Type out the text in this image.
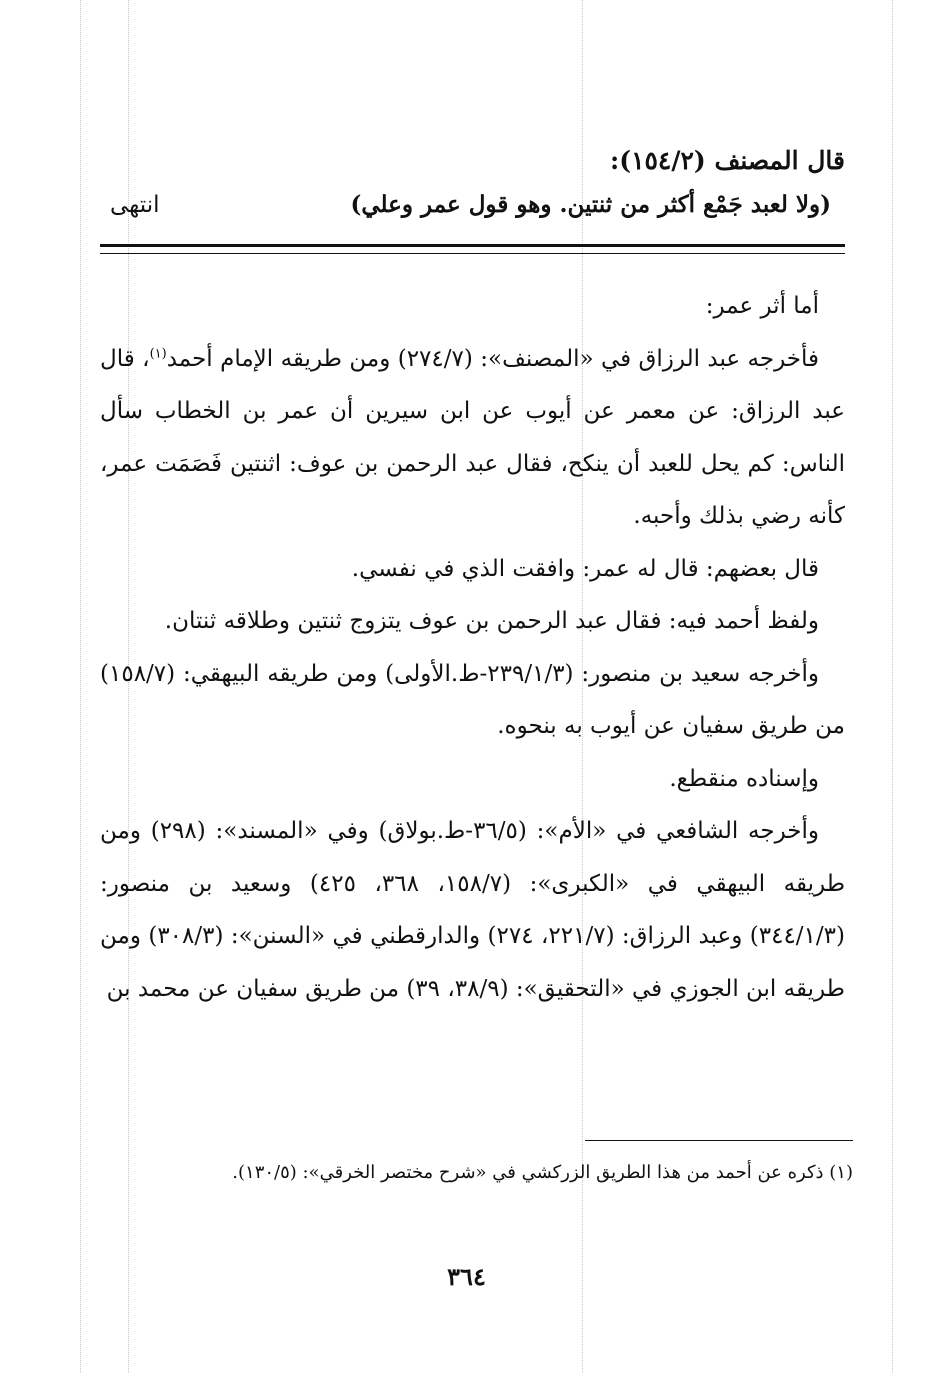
قال المصنف (١٥٤/٢):
(ولا لعبد جَمْع أكثر من ثنتين. وهو قول عمر وعلي)
انتهى

أما أثر عمر:

فأخرجه عبد الرزاق في «المصنف»: (٢٧٤/٧) ومن طريقه الإمام أحمد$^{(١)}$، قال عبد الرزاق: عن معمر عن أيوب عن ابن سيرين أن عمر بن الخطاب سأل الناس: كم يحل للعبد أن ينكح، فقال عبد الرحمن بن عوف: اثنتين فَصَمَت عمر، كأنه رضي بذلك وأحبه.

قال بعضهم: قال له عمر: وافقت الذي في نفسي.

ولفظ أحمد فيه: فقال عبد الرحمن بن عوف يتزوج ثنتين وطلاقه ثنتان.

وأخرجه سعيد بن منصور: (٢٣٩/١/٣-ط.الأولى) ومن طريقه البيهقي: (١٥٨/٧) من طريق سفيان عن أيوب به بنحوه.

وإسناده منقطع.

وأخرجه الشافعي في «الأم»: (٣٦/٥-ط.بولاق) وفي «المسند»: (٢٩٨) ومن طريقه البيهقي في «الكبرى»: (١٥٨/٧، ٣٦٨، ٤٢٥) وسعيد بن منصور: (٣٤٤/١/٣) وعبد الرزاق: (٢٢١/٧، ٢٧٤) والدارقطني في «السنن»: (٣٠٨/٣) ومن طريقه ابن الجوزي في «التحقيق»: (٣٨/٩، ٣٩) من طريق سفيان عن محمد بن

(١) ذكره عن أحمد من هذا الطريق الزركشي في «شرح مختصر الخرقي»: (١٣٠/٥).
٣٦٤
